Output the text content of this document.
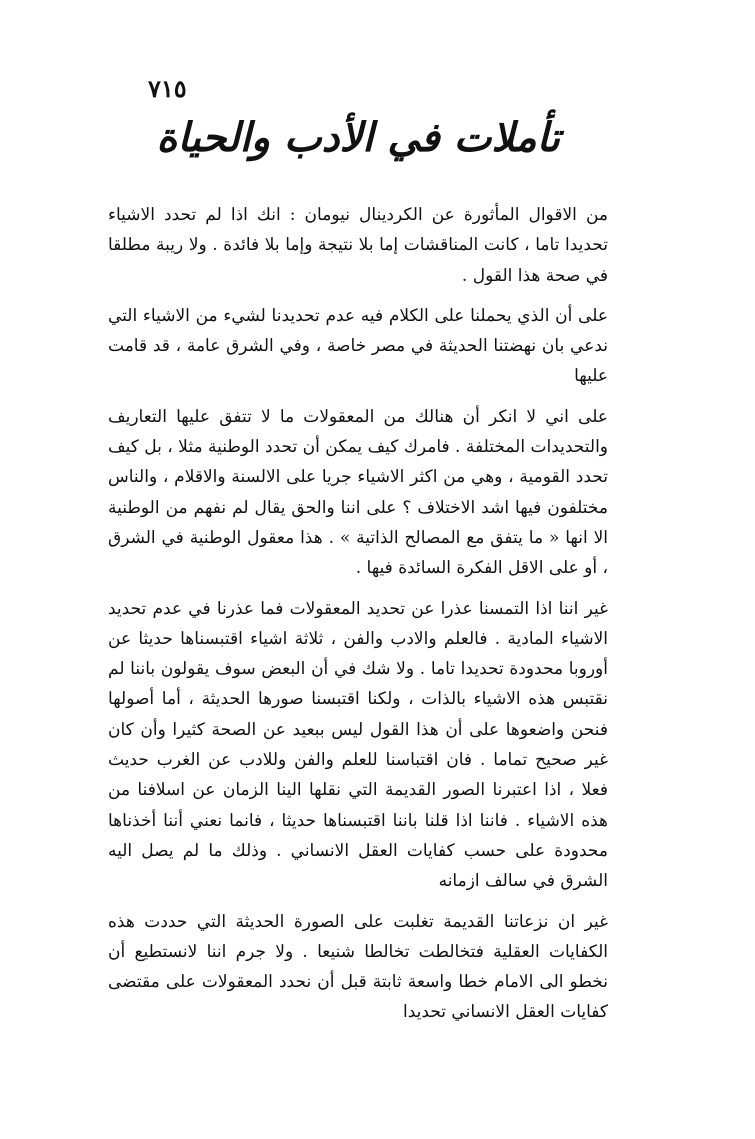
٧١٥
تأملات في الأدب والحياة

من الاقوال المأثورة عن الكردينال نيومان : انك اذا لم تحدد الاشياء تحديدا تاما ، كانت المناقشات إما بلا نتيجة وإما بلا فائدة . ولا ريبة مطلقا في صحة هذا القول .

على أن الذي يحملنا على الكلام فيه عدم تحديدنا لشيء من الاشياء التي ندعي بان نهضتنا الحديثة في مصر خاصة ، وفي الشرق عامة ، قد قامت عليها

على اني لا انكر أن هنالك من المعقولات ما لا تتفق عليها التعاريف والتحديدات المختلفة . فامرك كيف يمكن أن تحدد الوطنية مثلا ، بل كيف تحدد القومية ، وهي من اكثر الاشياء جريا على الالسنة والاقلام ، والناس مختلفون فيها اشد الاختلاف ؟ على اننا والحق يقال لم نفهم من الوطنية الا انها « ما يتفق مع المصالح الذاتية » . هذا معقول الوطنية في الشرق ، أو على الاقل الفكرة السائدة فيها .

غير اننا اذا التمسنا عذرا عن تحديد المعقولات فما عذرنا في عدم تحديد الاشياء المادية . فالعلم والادب والفن ، ثلاثة اشياء اقتبسناها حديثا عن أوروبا محدودة تحديدا تاما . ولا شك في أن البعض سوف يقولون باننا لم نقتبس هذه الاشياء بالذات ، ولكنا اقتبسنا صورها الحديثة ، أما أصولها فنحن واضعوها على أن هذا القول ليس ببعيد عن الصحة كثيرا وأن كان غير صحيح تماما . فان اقتباسنا للعلم والفن وللادب عن الغرب حديث فعلا ، اذا اعتبرنا الصور القديمة التي نقلها الينا الزمان عن اسلافنا من هذه الاشياء . فاننا اذا قلنا باننا اقتبسناها حديثا ، فانما نعني أننا أخذناها محدودة على حسب كفايات العقل الانساني . وذلك ما لم يصل اليه الشرق في سالف ازمانه

غير ان نزعاتنا القديمة تغلبت على الصورة الحديثة التي حددت هذه الكفايات العقلية فتخالطت تخالطا شنيعا . ولا جرم اننا لانستطيع أن نخطو الى الامام خطا واسعة ثابتة قبل أن نحدد المعقولات على مقتضى كفايات العقل الانساني تحديدا
